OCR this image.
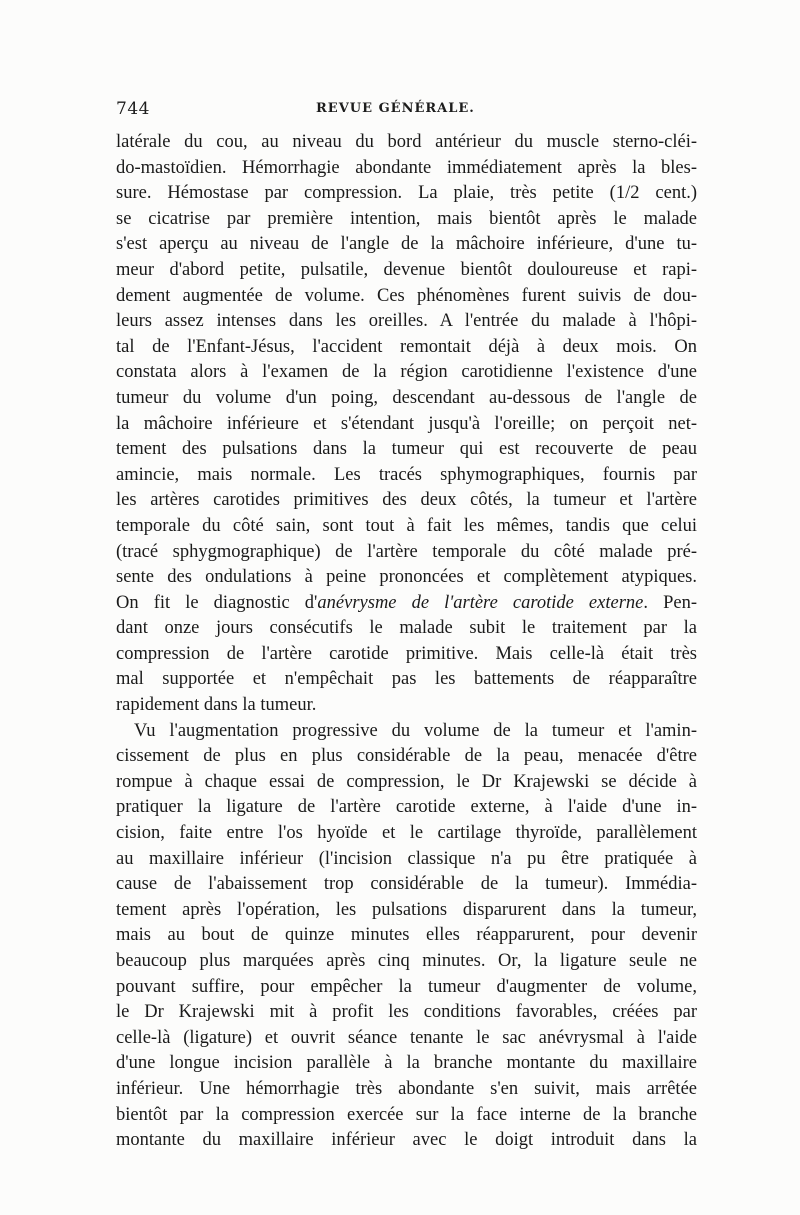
744	REVUE GÉNÉRALE.
latérale du cou, au niveau du bord antérieur du muscle sterno-cléi-
do-mastoïdien. Hémorrhagie abondante immédiatement après la bles-
sure. Hémostase par compression. La plaie, très petite (1/2 cent.)
se cicatrise par première intention, mais bientôt après le malade
s'est aperçu au niveau de l'angle de la mâchoire inférieure, d'une tu-
meur d'abord petite, pulsatile, devenue bientôt douloureuse et rapi-
dement augmentée de volume. Ces phénomènes furent suivis de dou-
leurs assez intenses dans les oreilles. A l'entrée du malade à l'hôpi-
tal de l'Enfant-Jésus, l'accident remontait déjà à deux mois. On
constata alors à l'examen de la région carotidienne l'existence d'une
tumeur du volume d'un poing, descendant au-dessous de l'angle de
la mâchoire inférieure et s'étendant jusqu'à l'oreille; on perçoit net-
tement des pulsations dans la tumeur qui est recouverte de peau
amincie, mais normale. Les tracés sphymographiques, fournis par
les artères carotides primitives des deux côtés, la tumeur et l'artère
temporale du côté sain, sont tout à fait les mêmes, tandis que celui
(tracé sphygmographique) de l'artère temporale du côté malade pré-
sente des ondulations à peine prononcées et complètement atypiques.
On fit le diagnostic d'anévrysme de l'artère carotide externe. Pen-
dant onze jours consécutifs le malade subit le traitement par la
compression de l'artère carotide primitive. Mais celle-là était très
mal supportée et n'empêchait pas les battements de réapparaître
rapidement dans la tumeur.
Vu l'augmentation progressive du volume de la tumeur et l'amin-
cissement de plus en plus considérable de la peau, menacée d'être
rompue à chaque essai de compression, le Dr Krajewski se décide à
pratiquer la ligature de l'artère carotide externe, à l'aide d'une in-
cision, faite entre l'os hyoïde et le cartilage thyroïde, parallèlement
au maxillaire inférieur (l'incision classique n'a pu être pratiquée à
cause de l'abaissement trop considérable de la tumeur). Immédia-
tement après l'opération, les pulsations disparurent dans la tumeur,
mais au bout de quinze minutes elles réapparurent, pour devenir
beaucoup plus marquées après cinq minutes. Or, la ligature seule ne
pouvant suffire, pour empêcher la tumeur d'augmenter de volume,
le Dr Krajewski mit à profit les conditions favorables, créées par
celle-là (ligature) et ouvrit séance tenante le sac anévrysmal à l'aide
d'une longue incision parallèle à la branche montante du maxillaire
inférieur. Une hémorrhagie très abondante s'en suivit, mais arrêtée
bientôt par la compression exercée sur la face interne de la branche
montante du maxillaire inférieur avec le doigt introduit dans la
